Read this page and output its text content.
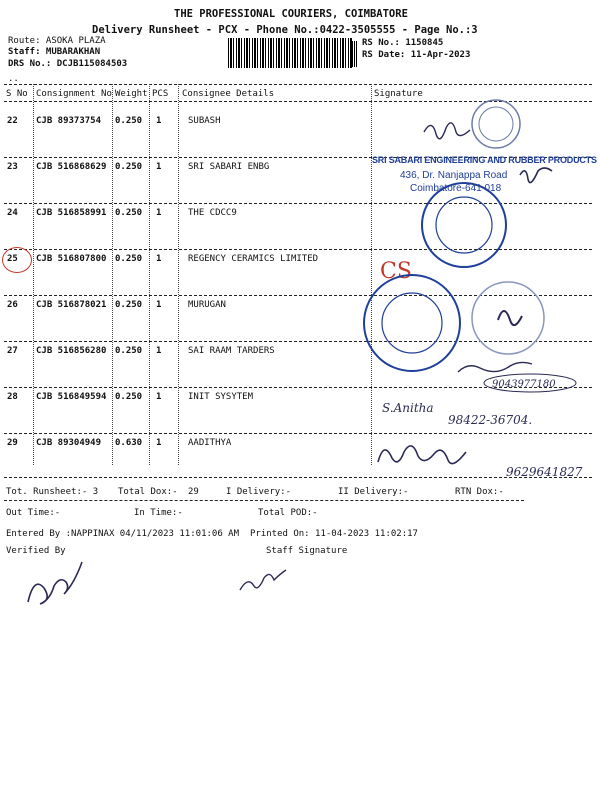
THE PROFESSIONAL COURIERS, COIMBATORE
Delivery Runsheet - PCX - Phone No.:0422-3505555 - Page No.:3
Route: ASOKA PLAZA
Staff: MUBARAKHAN
DRS No.: DCJB115084503
RS No.: 1150845
RS Date: 11-Apr-2023
..
S No Consignment No Weight PCS Consignee Details	Signature
22 CJB 89373754 0.250 1	SUBASH
23 CJB 516868629 0.250 1	SRI SABARI ENBG
24 CJB 516858991 0.250 1	THE CDCC9
25 CJB 516807800 0.250 1	REGENCY CERAMICS LIMITED
26 CJB 516878021 0.250 1	MURUGAN
27 CJB 516856280 0.250 1	SAI RAAM TARDERS
28 CJB 516849594 0.250 1	INIT SYSYTEM
29 CJB 89304949 0.630 1	AADITHYA
CS
9043977180
S.Anitha
98422-36704.
9629641827
SRI SABARI ENGINEERING AND RUBBER PRODUCTS
436, Dr. Nanjappa Road
Coimbatore-641 018
Tot. Runsheet:- 3 Total Dox:- 29	I Delivery:-	II Delivery:-	RTN Dox:-
Out Time:-	In Time:-	Total POD:-
Entered By :NAPPINAX 04/11/2023 11:01:06 AM Printed On: 11-04-2023 11:02:17
Verified By	Staff Signature
